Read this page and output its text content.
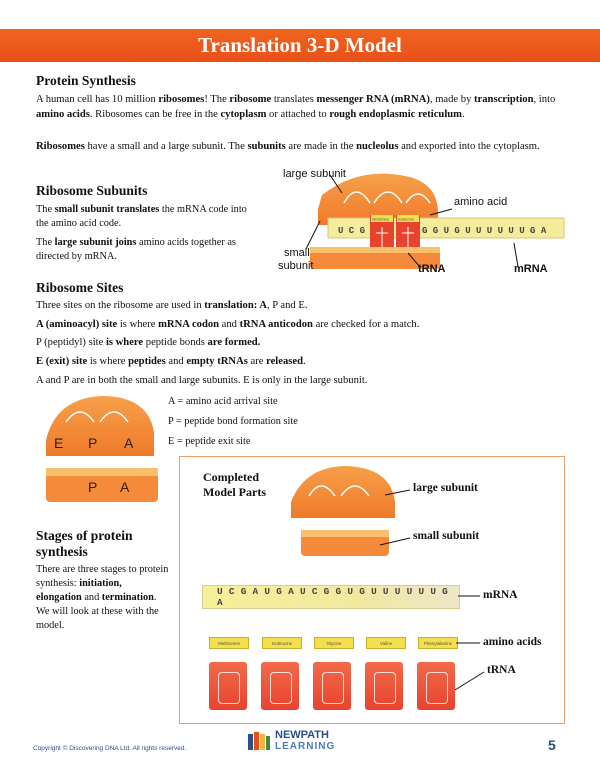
Translation 3-D Model
Protein Synthesis

A human cell has 10 million ribosomes! The ribosome translates messenger RNA (mRNA), made by transcription, into amino acids. Ribosomes can be free in the cytoplasm or attached to rough endoplasmic reticulum.

Ribosomes have a small and a large subunit. The subunits are made in the nucleolus and exported into the cytoplasm.

Ribosome Subunits

The small subunit translates the mRNA code into the amino acid code.

The large subunit joins amino acids together as directed by mRNA.

U C G	G G U G U U U U U U G A
Methionine	Isoleucine
large subunit
amino acid
small
subunit	tRNA	mRNA
Ribosome Sites

Three sites on the ribosome are used in translation: A, P and E.

A (aminoacyl) site is where mRNA codon and tRNA anticodon are checked for a match.

P (peptidyl) site is where peptide bonds are formed.

E (exit) site is where peptides and empty tRNAs are released.

A and P are in both the small and large subunits. E is only in the large subunit.

E P A
P A

A = amino acid arrival site

P = peptide bond formation site

E = peptide exit site

Stages of protein synthesis

There are three stages to protein synthesis: initiation, elongation and termination. We will look at these with the model.

Completed
Model Parts	large subunit
small subunit
U C G A U G A U C G G U G U U U U U U G A
mRNA
Methionine	Isoleucine	Glycine	Valine	Phenylalanine	amino acids
tRNA
Copyright © Discovering DNA Ltd. All rights reserved.
NEWPATH
LEARNING	5
